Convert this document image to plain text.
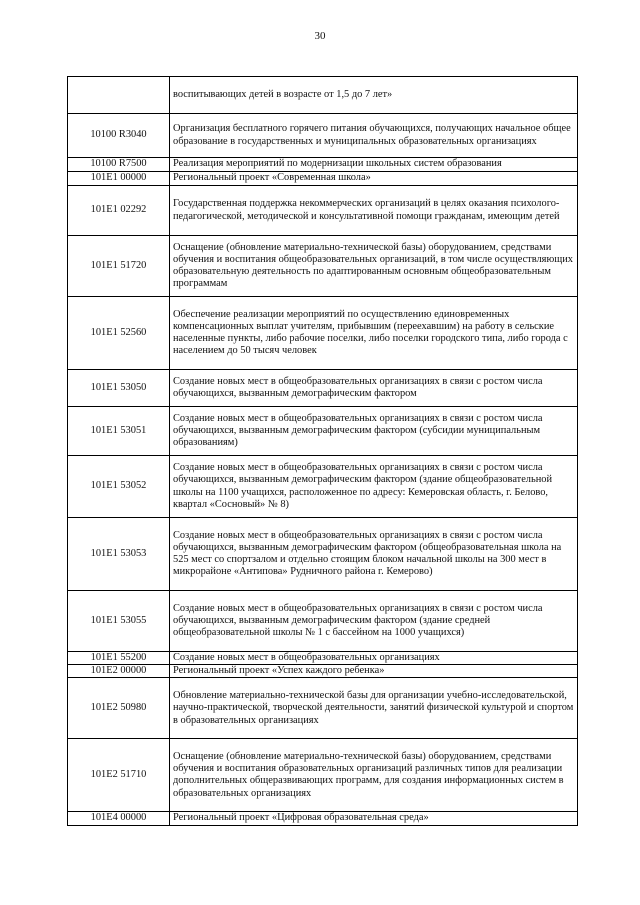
30
	воспитывающих детей в возрасте от 1,5 до 7 лет»
10100 R3040	Организация бесплатного горячего питания обучающихся, получающих начальное общее образование в государственных и муниципальных образовательных организациях
10100 R7500	Реализация мероприятий по модернизации школьных систем образования
101E1 00000	Региональный проект «Современная школа»
101E1 02292	Государственная поддержка некоммерческих организаций в целях оказания психолого-педагогической, методической и консультативной помощи гражданам, имеющим детей
101E1 51720	Оснащение (обновление материально-технической базы) оборудованием, средствами обучения и воспитания общеобразовательных организаций, в том числе осуществляющих образовательную деятельность по адаптированным основным общеобразовательным программам
101E1 52560	Обеспечение реализации мероприятий по осуществлению единовременных компенсационных выплат учителям, прибывшим (переехавшим) на работу в сельские населенные пункты, либо рабочие поселки, либо поселки городского типа, либо города с населением до 50 тысяч человек
101E1 53050	Создание новых мест в общеобразовательных организациях в связи с ростом числа обучающихся, вызванным демографическим фактором
101E1 53051	Создание новых мест в общеобразовательных организациях в связи с ростом числа обучающихся, вызванным демографическим фактором (субсидии муниципальным образованиям)
101E1 53052	Создание новых мест в общеобразовательных организациях в связи с ростом числа обучающихся, вызванным демографическим фактором (здание общеобразовательной школы на 1100 учащихся, расположенное по адресу: Кемеровская область, г. Белово, квартал «Сосновый» № 8)
101E1 53053	Создание новых мест в общеобразовательных организациях в связи с ростом числа обучающихся, вызванным демографическим фактором (общеобразовательная школа на 525 мест со спортзалом и отдельно стоящим блоком начальной школы на 300 мест в микрорайоне «Антипова» Рудничного района г. Кемерово)
101E1 53055	Создание новых мест в общеобразовательных организациях в связи с ростом числа обучающихся, вызванным демографическим фактором (здание средней общеобразовательной школы № 1 с бассейном на 1000 учащихся)
101E1 55200	Создание новых мест в общеобразовательных организациях
101E2 00000	Региональный проект «Успех каждого ребенка»
101E2 50980	Обновление материально-технической базы для организации учебно-исследовательской, научно-практической, творческой деятельности, занятий физической культурой и спортом в образовательных организациях
101E2 51710	Оснащение (обновление материально-технической базы) оборудованием, средствами обучения и воспитания образовательных организаций различных типов для реализации дополнительных общеразвивающих программ, для создания информационных систем в образовательных организациях
101E4 00000	Региональный проект «Цифровая образовательная среда»
